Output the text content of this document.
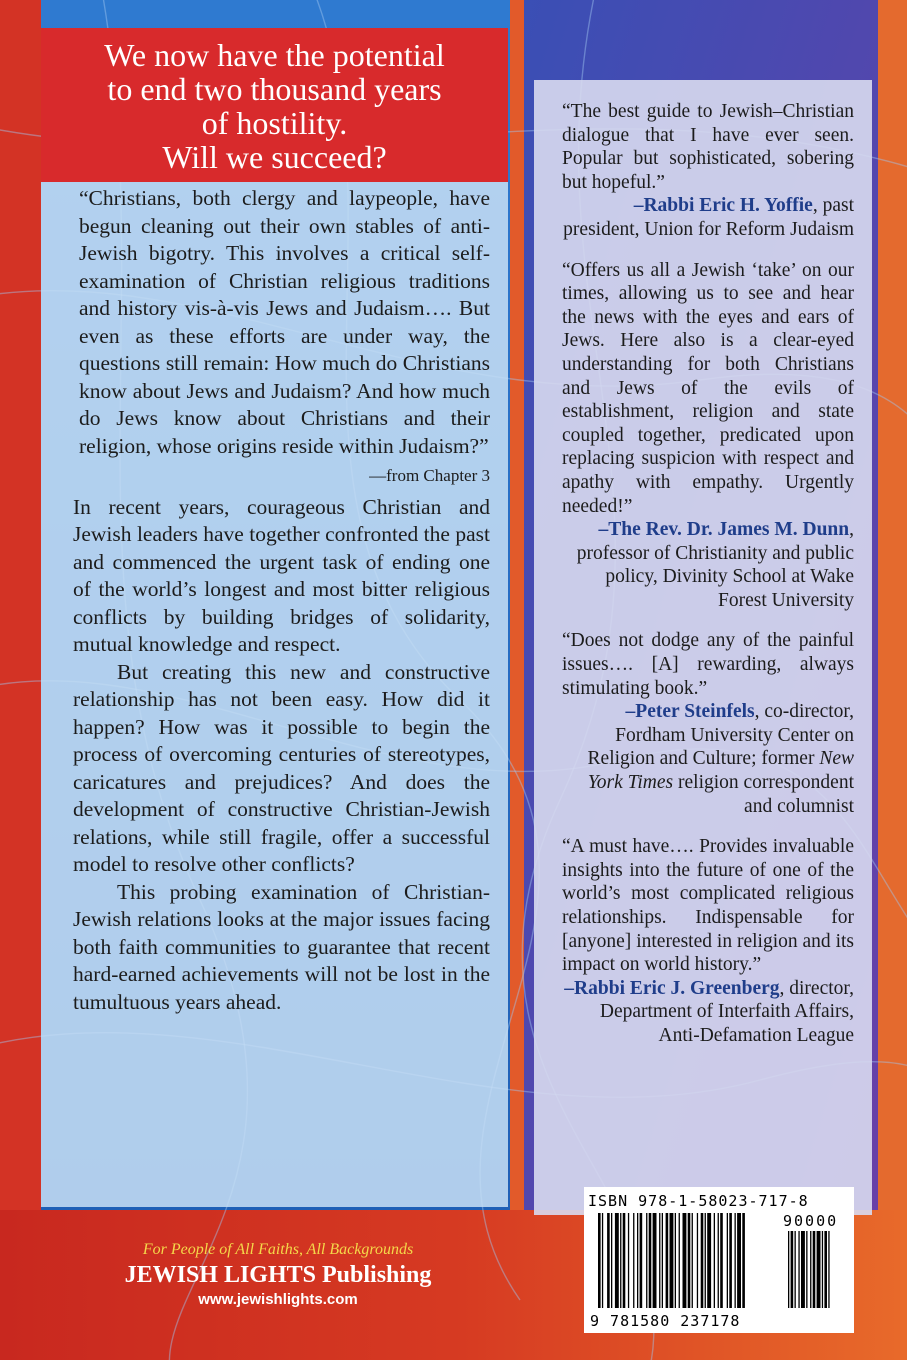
We now have the potential
to end two thousand years
of hostility.
Will we succeed?

“Christians, both clergy and laypeople, have begun cleaning out their own stables of anti-Jewish bigotry. This involves a critical self-examination of Christian religious traditions and history vis-à-vis Jews and Judaism…. But even as these efforts are under way, the questions still remain: How much do Christians know about Jews and Judaism? And how much do Jews know about Christians and their religion, whose origins reside within Judaism?”

—from Chapter 3

In recent years, courageous Christian and Jewish leaders have together confronted the past and commenced the urgent task of ending one of the world’s longest and most bitter religious conflicts by building bridges of solidarity, mutual knowledge and respect.

But creating this new and constructive relationship has not been easy. How did it happen? How was it possible to begin the process of overcoming centuries of stereotypes, caricatures and prejudices? And does the development of constructive Christian-Jewish relations, while still fragile, offer a successful model to resolve other conflicts?

This probing examination of Christian-Jewish relations looks at the major issues facing both faith communities to guarantee that recent hard-earned achievements will not be lost in the tumultuous years ahead.

“The best guide to Jewish–Christian dialogue that I have ever seen. Popular but sophisticated, sobering but hopeful.”

–Rabbi Eric H. Yoffie, past president, Union for Reform Judaism

“Offers us all a Jewish ‘take’ on our times, allowing us to see and hear the news with the eyes and ears of Jews. Here also is a clear-eyed understanding for both Christians and Jews of the evils of establishment, religion and state coupled together, predicated upon replacing suspicion with respect and apathy with empathy. Urgently needed!”

–The Rev. Dr. James M. Dunn, professor of Christianity and public policy, Divinity School at Wake Forest University

“Does not dodge any of the painful issues…. [A] rewarding, always stimulating book.”

–Peter Steinfels, co-director, Fordham University Center on Religion and Culture; former New York Times religion correspondent and columnist

“A must have…. Provides invaluable insights into the future of one of the world’s most complicated religious relationships. Indispensable for [anyone] interested in religion and its impact on world history.”

–Rabbi Eric J. Greenberg, director, Department of Interfaith Affairs, Anti-Defamation League

ISBN 978-1-58023-717-8
90000
9 781580 237178
For People of All Faiths, All Backgrounds
JEWISH LIGHTS Publishing
www.jewishlights.com
